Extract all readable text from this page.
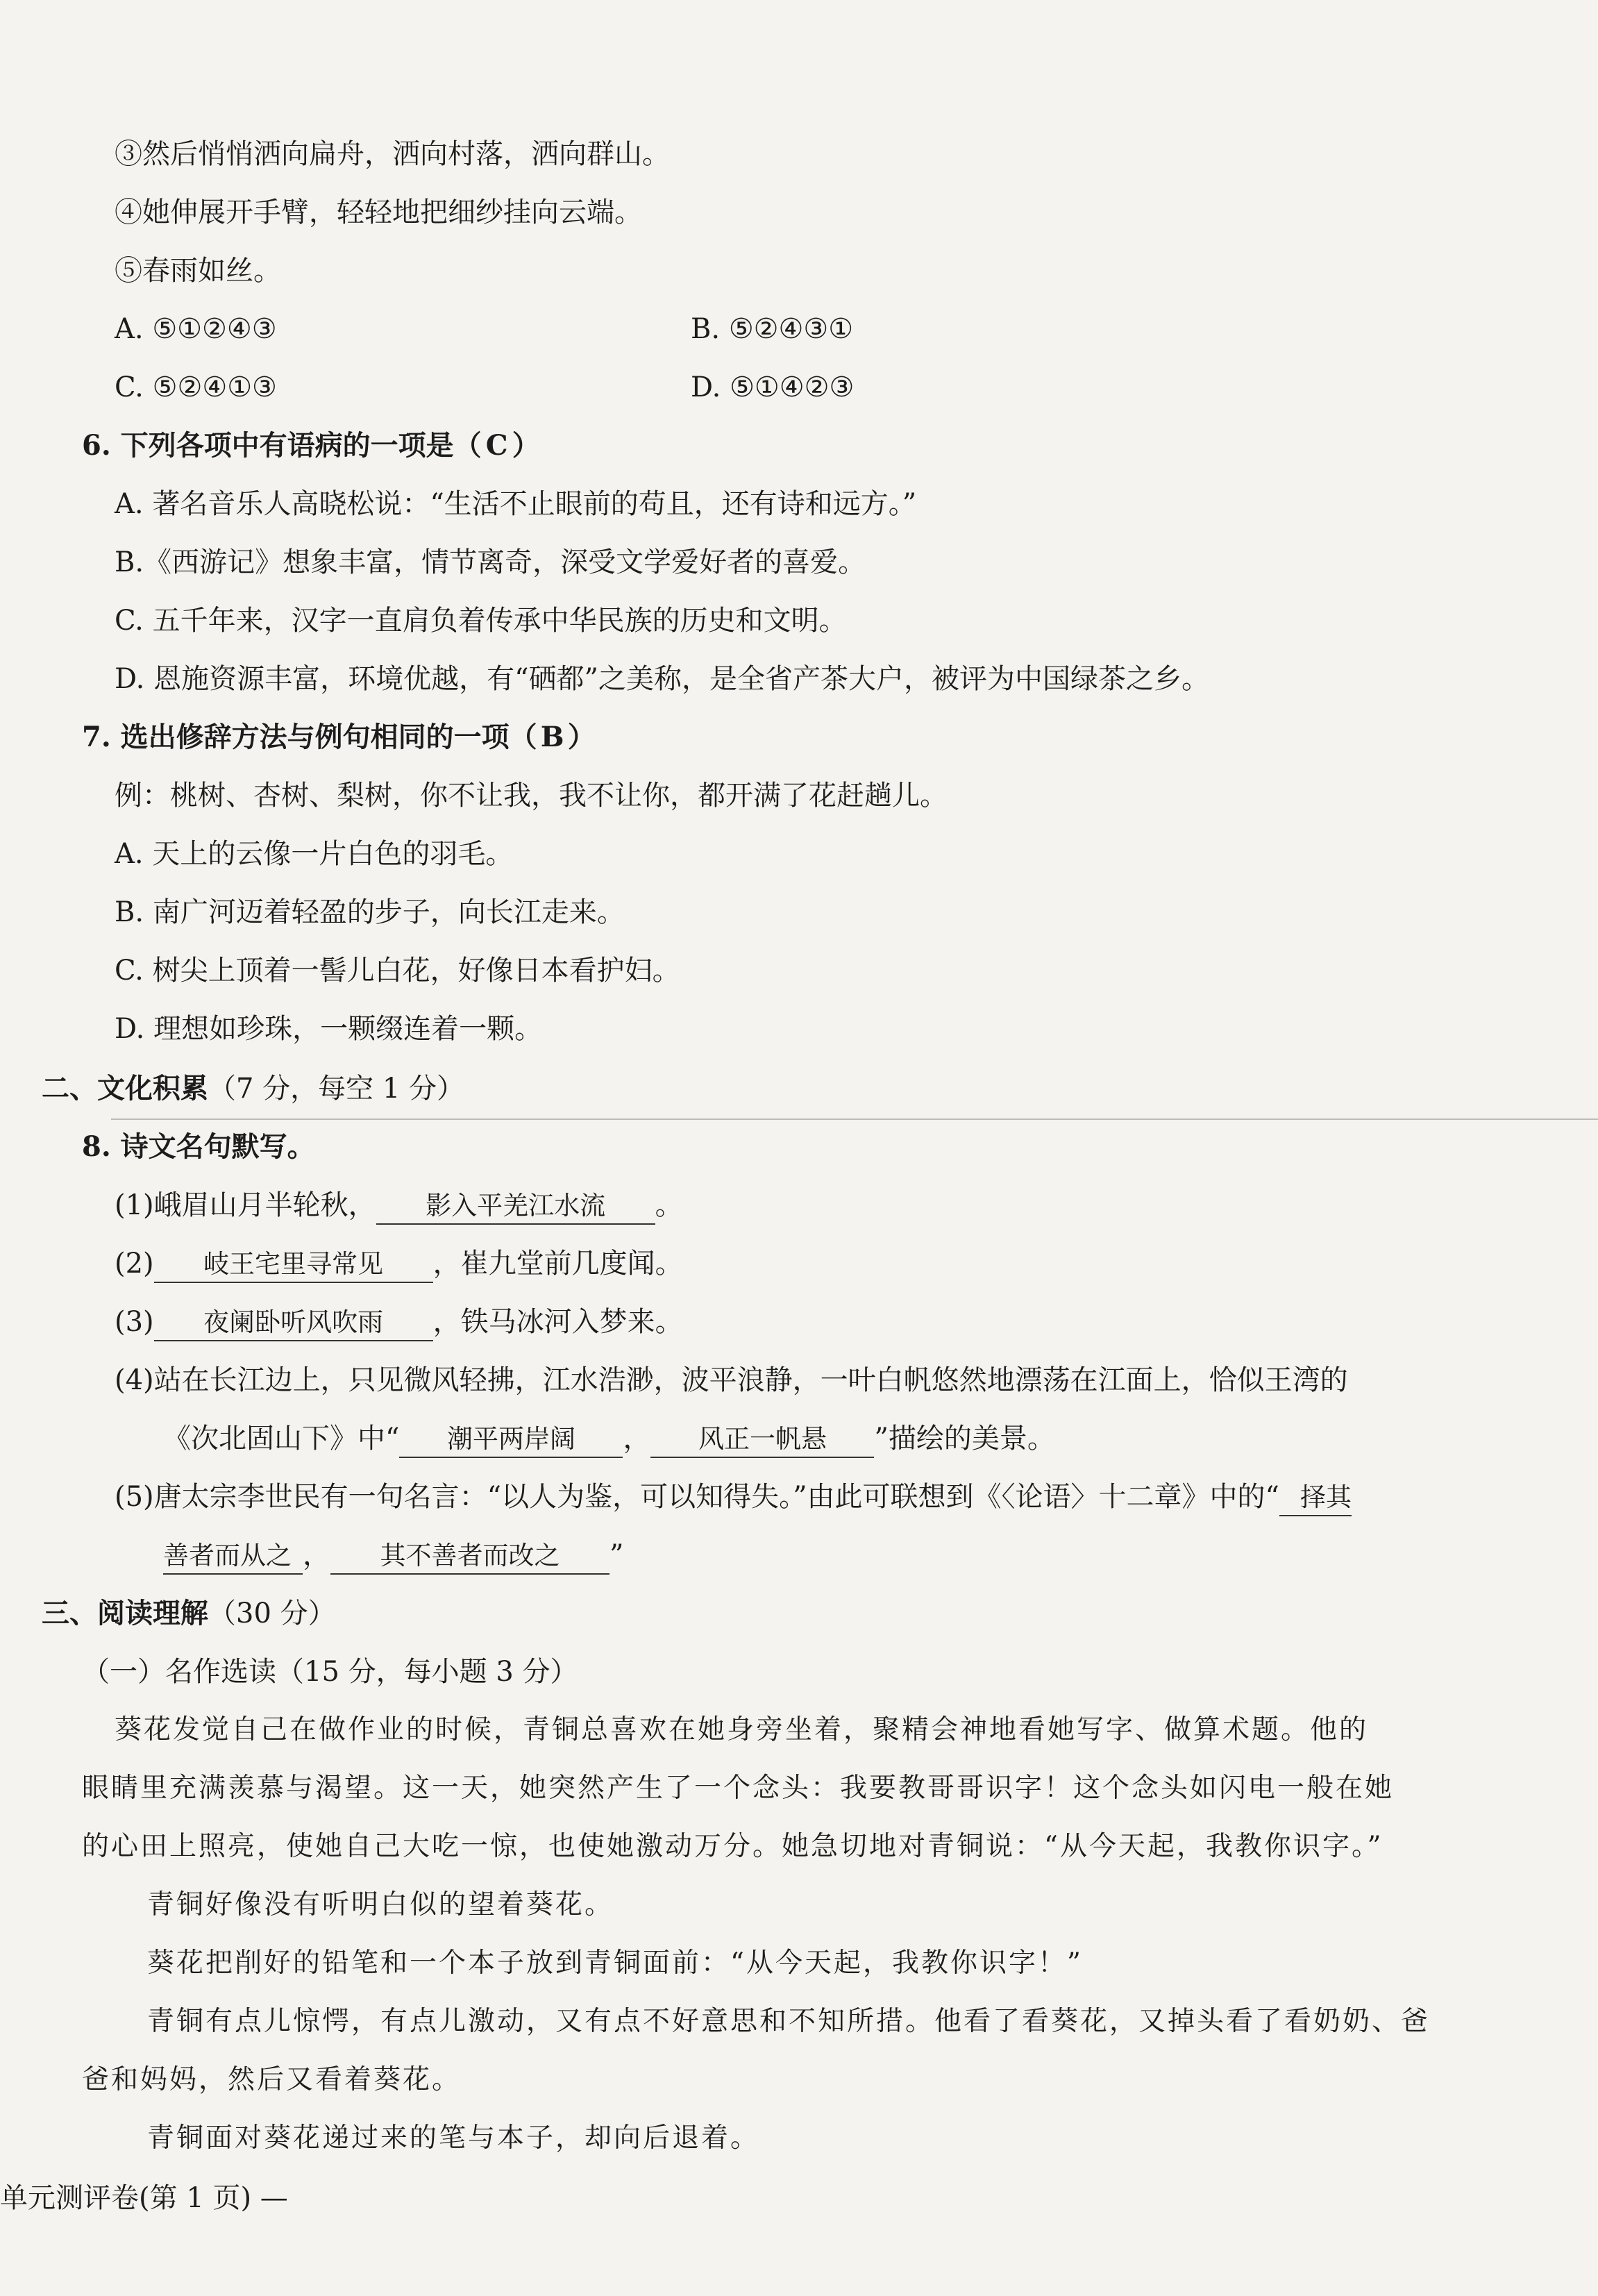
③然后悄悄洒向扁舟，洒向村落，洒向群山。
④她伸展开手臂，轻轻地把细纱挂向云端。
⑤春雨如丝。
A. ⑤①②④③	B. ⑤②④③①
C. ⑤②④①③	D. ⑤①④②③
6. 下列各项中有语病的一项是（ C ）
A. 著名音乐人高晓松说：“生活不止眼前的苟且，还有诗和远方。”
B.《西游记》想象丰富，情节离奇，深受文学爱好者的喜爱。
C. 五千年来，汉字一直肩负着传承中华民族的历史和文明。
D. 恩施资源丰富，环境优越，有“硒都”之美称，是全省产茶大户，被评为中国绿茶之乡。
7. 选出修辞方法与例句相同的一项（ B ）
例：桃树、杏树、梨树，你不让我，我不让你，都开满了花赶趟儿。
A. 天上的云像一片白色的羽毛。
B. 南广河迈着轻盈的步子，向长江走来。
C. 树尖上顶着一髻儿白花，好像日本看护妇。
D. 理想如珍珠，一颗缀连着一颗。
二、文化积累（7 分，每空 1 分）
8. 诗文名句默写。
(1)峨眉山月半轮秋， 影入平羌江水流 。
(2) 岐王宅里寻常见 ，崔九堂前几度闻。
(3) 夜阑卧听风吹雨 ，铁马冰河入梦来。
(4)站在长江边上，只见微风轻拂，江水浩渺，波平浪静，一叶白帆悠然地漂荡在江面上，恰似王湾的
《次北固山下》中“ 潮平两岸阔 ， 风正一帆悬 ”描绘的美景。
(5)唐太宗李世民有一句名言：“以人为鉴，可以知得失。”由此可联想到《〈论语〉十二章》中的“ 择其
善者而从之 ， 其不善者而改之 ”
三、阅读理解（30 分）
（一）名作选读（15 分，每小题 3 分）
葵花发觉自己在做作业的时候，青铜总喜欢在她身旁坐着，聚精会神地看她写字、做算术题。他的
眼睛里充满羡慕与渴望。这一天，她突然产生了一个念头：我要教哥哥识字！这个念头如闪电一般在她
的心田上照亮，使她自己大吃一惊，也使她激动万分。她急切地对青铜说：“从今天起，我教你识字。”
青铜好像没有听明白似的望着葵花。
葵花把削好的铅笔和一个本子放到青铜面前：“从今天起，我教你识字！”
青铜有点儿惊愕，有点儿激动，又有点不好意思和不知所措。他看了看葵花，又掉头看了看奶奶、爸
爸和妈妈，然后又看着葵花。
青铜面对葵花递过来的笔与本子，却向后退着。
单元测评卷(第 1 页) —
